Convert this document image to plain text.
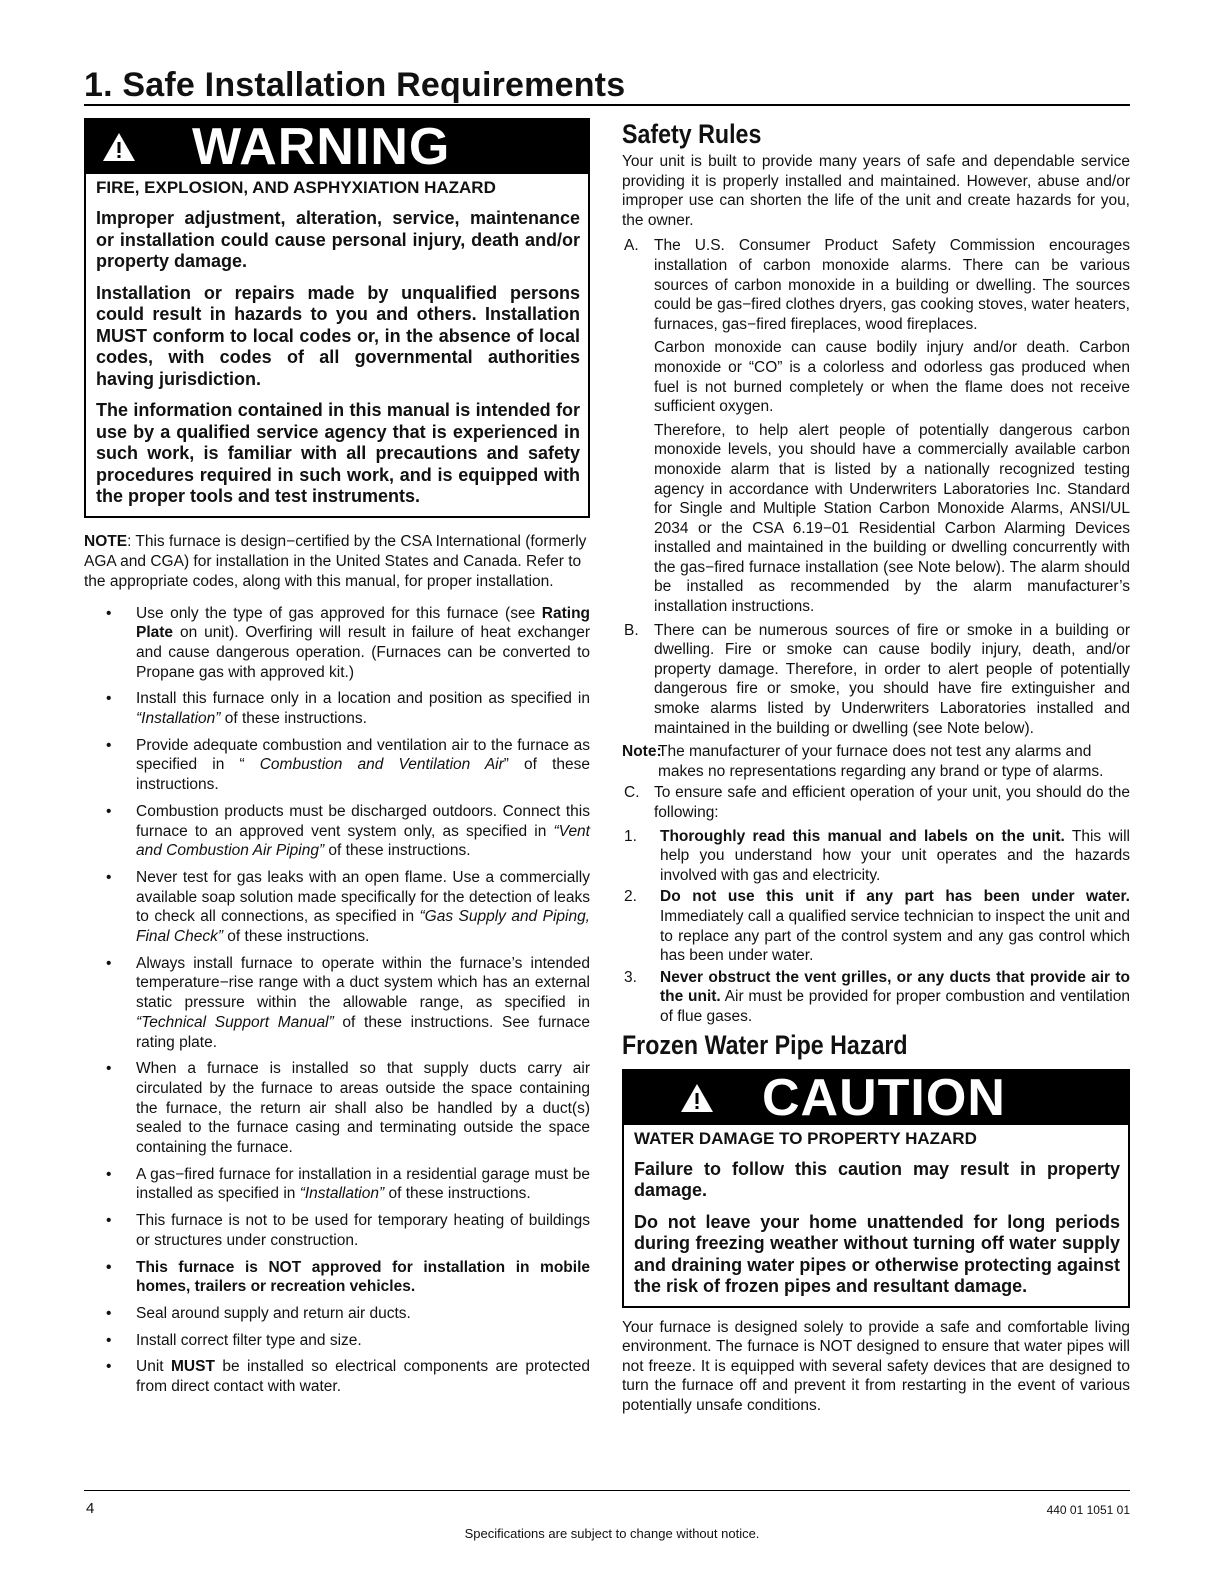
1. Safe Installation Requirements
WARNING

FIRE, EXPLOSION, AND ASPHYXIATION HAZARD

Improper adjustment, alteration, service, maintenance or installation could cause personal injury, death and/or property damage.

Installation or repairs made by unqualified persons could result in hazards to you and others. Installation MUST conform to local codes or, in the absence of local codes, with codes of all governmental authorities having jurisdiction.

The information contained in this manual is intended for use by a qualified service agency that is experienced in such work, is familiar with all precautions and safety procedures required in such work, and is equipped with the proper tools and test instruments.

NOTE: This furnace is design−certified by the CSA International (formerly AGA and CGA) for installation in the United States and Canada. Refer to the appropriate codes, along with this manual, for proper installation.

• Use only the type of gas approved for this furnace (see Rating Plate on unit). Overfiring will result in failure of heat exchanger and cause dangerous operation. (Furnaces can be converted to Propane gas with approved kit.)
• Install this furnace only in a location and position as specified in “Installation” of these instructions.
• Provide adequate combustion and ventilation air to the furnace as specified in “ Combustion and Ventilation Air” of these instructions.
• Combustion products must be discharged outdoors. Connect this furnace to an approved vent system only, as specified in “Vent and Combustion Air Piping” of these instructions.
• Never test for gas leaks with an open flame. Use a commercially available soap solution made specifically for the detection of leaks to check all connections, as specified in “Gas Supply and Piping, Final Check” of these instructions.
• Always install furnace to operate within the furnace’s intended temperature−rise range with a duct system which has an external static pressure within the allowable range, as specified in “Technical Support Manual” of these instructions. See furnace rating plate.
• When a furnace is installed so that supply ducts carry air circulated by the furnace to areas outside the space containing the furnace, the return air shall also be handled by a duct(s) sealed to the furnace casing and terminating outside the space containing the furnace.
• A gas−fired furnace for installation in a residential garage must be installed as specified in “Installation” of these instructions.
• This furnace is not to be used for temporary heating of buildings or structures under construction.
• This furnace is NOT approved for installation in mobile homes, trailers or recreation vehicles.
• Seal around supply and return air ducts.
• Install correct filter type and size.
• Unit MUST be installed so electrical components are protected from direct contact with water.
Safety Rules

Your unit is built to provide many years of safe and dependable service providing it is properly installed and maintained. However, abuse and/or improper use can shorten the life of the unit and create hazards for you, the owner.

A. The U.S. Consumer Product Safety Commission encourages installation of carbon monoxide alarms. There can be various sources of carbon monoxide in a building or dwelling. The sources could be gas−fired clothes dryers, gas cooking stoves, water heaters, furnaces, gas−fired fireplaces, wood fireplaces.

Carbon monoxide can cause bodily injury and/or death. Carbon monoxide or “CO” is a colorless and odorless gas produced when fuel is not burned completely or when the flame does not receive sufficient oxygen.

Therefore, to help alert people of potentially dangerous carbon monoxide levels, you should have a commercially available carbon monoxide alarm that is listed by a nationally recognized testing agency in accordance with Underwriters Laboratories Inc. Standard for Single and Multiple Station Carbon Monoxide Alarms, ANSI/UL 2034 or the CSA 6.19−01 Residential Carbon Alarming Devices installed and maintained in the building or dwelling concurrently with the gas−fired furnace installation (see Note below). The alarm should be installed as recommended by the alarm manufacturer’s installation instructions.

B. There can be numerous sources of fire or smoke in a building or dwelling. Fire or smoke can cause bodily injury, death, and/or property damage. Therefore, in order to alert people of potentially dangerous fire or smoke, you should have fire extinguisher and smoke alarms listed by Underwriters Laboratories installed and maintained in the building or dwelling (see Note below).

Note:
The manufacturer of your furnace does not test any alarms and makes no representations regarding any brand or type of alarms.
C. To ensure safe and efficient operation of your unit, you should do the following:

1. Thoroughly read this manual and labels on the unit. This will help you understand how your unit operates and the hazards involved with gas and electricity.
2. Do not use this unit if any part has been under water. Immediately call a qualified service technician to inspect the unit and to replace any part of the control system and any gas control which has been under water.
3. Never obstruct the vent grilles, or any ducts that provide air to the unit. Air must be provided for proper combustion and ventilation of flue gases.
Frozen Water Pipe Hazard
CAUTION

WATER DAMAGE TO PROPERTY HAZARD

Failure to follow this caution may result in property damage.

Do not leave your home unattended for long periods during freezing weather without turning off water supply and draining water pipes or otherwise protecting against the risk of frozen pipes and resultant damage.

Your furnace is designed solely to provide a safe and comfortable living environment. The furnace is NOT designed to ensure that water pipes will not freeze. It is equipped with several safety devices that are designed to turn the furnace off and prevent it from restarting in the event of various potentially unsafe conditions.

4	440 01 1051 01
Specifications are subject to change without notice.
